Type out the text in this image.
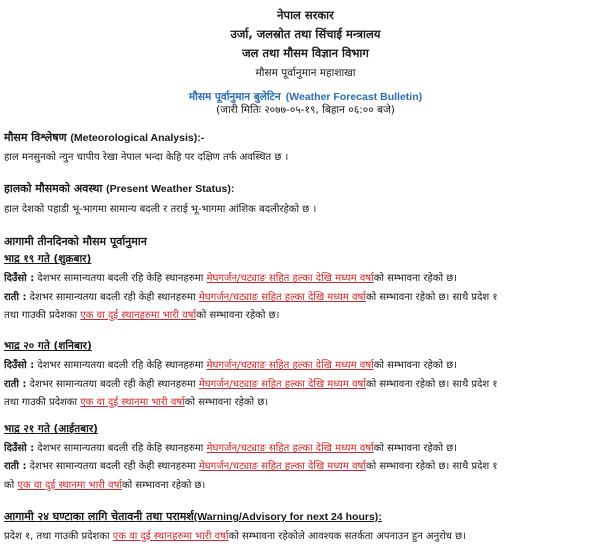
नेपाल सरकार
उर्जा, जलस्रोत तथा सिंचाई मन्त्रालय
जल तथा मौसम विज्ञान विभाग
मौसम पूर्वानुमान महाशाखा
मौसम पूर्वानुमान बुलेटिन (Weather Forecast Bulletin)
(जारी मितिः २०७७-०५-१९, बिहान ०६:०० बजे)
मौसम विश्लेषण (Meteorological Analysis):-
हाल मनसुनको न्युन चापीय रेखा नेपाल भन्दा केहि पर दक्षिण तर्फ अवस्थित छ ।
हालको मौसमको अवस्था (Present Weather Status):
हाल देशको पहाडी भू-भागमा सामान्य बदली र तराई भू-भागमा आंशिक बदलीरहेको छ ।
आगामी तीनदिनको मौसम पूर्वानुमान
भाद्र १९ गते (शुक्रबार)
दिउँसो : देशभर सामान्यतया बदली रहि केहि स्थानहरुमा मेघगर्जन/चट्याङ सहित हल्का देखि मध्यम वर्षाको सम्भावना रहेको छ।
राती : देशभर सामान्यतया बदली रही केही स्थानहरुमा मेघगर्जन/चट्याङ सहित हल्का देखि मध्यम वर्षाको सम्भावना रहेको छ। साथै प्रदेश १
तथा गाउकी प्रदेशका एक वा दुई स्थानहरुमा भारी वर्षाको सम्भावना रहेको छ।
भाद्र २० गते (शनिबार)
दिउँसो : देशभर सामान्यतया बदली रहि केहि स्थानहरुमा मेघगर्जन/चट्याङ सहित हल्का देखि मध्यम वर्षाको सम्भावना रहेको छ।
राती : देशभर सामान्यतया बदली रही केही स्थानहरुमा मेघगर्जन/चट्याङ सहित हल्का देखि मध्यम वर्षाको सम्भावना रहेको छ। साथै प्रदेश १
तथा गाउकी प्रदेशका एक वा दुई स्थानमा भारी वर्षाको सम्भावना रहेको छ।
भाद्र २१ गते (आईतबार)
दिउँसो : देशभर सामान्यतया बदली रहि केहि स्थानहरुमा मेघगर्जन/चट्याङ सहित हल्का देखि मध्यम वर्षाको सम्भावना रहेको छ।
राती : देशभर सामान्यतया बदली रही केही स्थानहरुमा मेघगर्जन/चट्याङ सहित हल्का देखि मध्यम वर्षाको सम्भावना रहेको छ। साथै प्रदेश १
को एक वा दुई स्थानमा भारी वर्षाको सम्भावना रहेको छ।
आगामी २४ घण्टाका लागि चेतावनी तथा परामर्श(Warning/Advisory for next 24 hours):
प्रदेश १, तथा गाउकी प्रदेशका एक वा दुई स्थानहरुमा भारी वर्षाको सम्भावना रहेकोले आवश्यक सतर्कता अपनाउन हुन अनुरोध छ।
